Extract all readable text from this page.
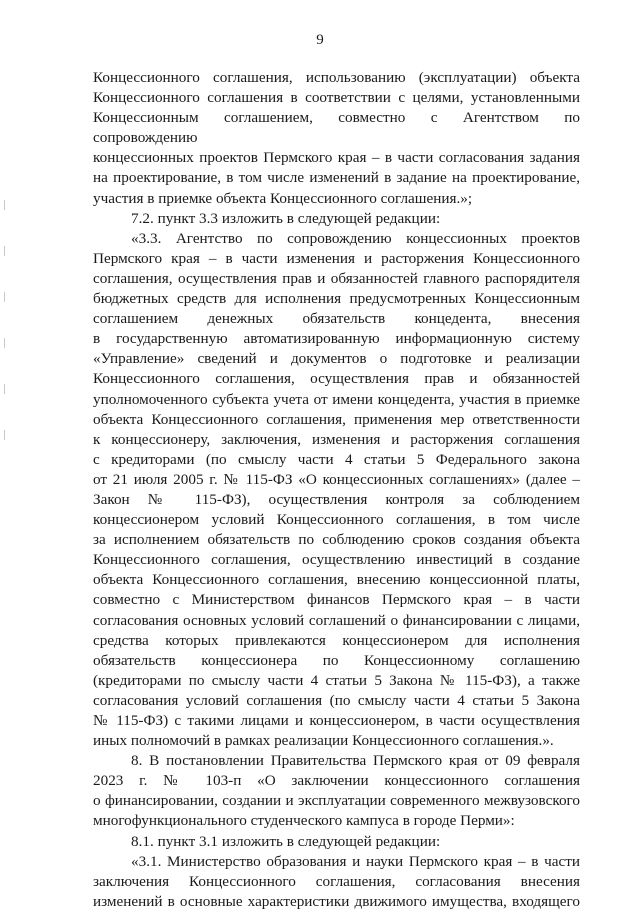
9

Концессионного соглашения, использованию (эксплуатации) объекта

Концессионного соглашения в соответствии с целями, установленными

Концессионным соглашением, совместно с Агентством по сопровождению

концессионных проектов Пермского края – в части согласования задания

на проектирование, в том числе изменений в задание на проектирование,

участия в приемке объекта Концессионного соглашения.»;

7.2. пункт 3.3 изложить в следующей редакции:

«3.3. Агентство по сопровождению концессионных проектов

Пермского края – в части изменения и расторжения Концессионного

соглашения, осуществления прав и обязанностей главного распорядителя

бюджетных средств для исполнения предусмотренных Концессионным

соглашением денежных обязательств концедента, внесения

в государственную автоматизированную информационную систему

«Управление» сведений и документов о подготовке и реализации

Концессионного соглашения, осуществления прав и обязанностей

уполномоченного субъекта учета от имени концедента, участия в приемке

объекта Концессионного соглашения, применения мер ответственности

к концессионеру, заключения, изменения и расторжения соглашения

с кредиторами (по смыслу части 4 статьи 5 Федерального закона

от 21 июля 2005 г. № 115-ФЗ «О концессионных соглашениях» (далее –

Закон № 115-ФЗ), осуществления контроля за соблюдением

концессионером условий Концессионного соглашения, в том числе

за исполнением обязательств по соблюдению сроков создания объекта

Концессионного соглашения, осуществлению инвестиций в создание

объекта Концессионного соглашения, внесению концессионной платы,

совместно с Министерством финансов Пермского края – в части

согласования основных условий соглашений о финансировании с лицами,

средства которых привлекаются концессионером для исполнения

обязательств концессионера по Концессионному соглашению

(кредиторами по смыслу части 4 статьи 5 Закона № 115-ФЗ), а также

согласования условий соглашения (по смыслу части 4 статьи 5 Закона

№ 115-ФЗ) с такими лицами и концессионером, в части осуществления

иных полномочий в рамках реализации Концессионного соглашения.».

8. В постановлении Правительства Пермского края от 09 февраля

2023 г. № 103-п «О заключении концессионного соглашения

о финансировании, создании и эксплуатации современного межвузовского

многофункционального студенческого кампуса в городе Перми»:

8.1. пункт 3.1 изложить в следующей редакции:

«3.1. Министерство образования и науки Пермского края – в части

заключения Концессионного соглашения, согласования внесения

изменений в основные характеристики движимого имущества, входящего
